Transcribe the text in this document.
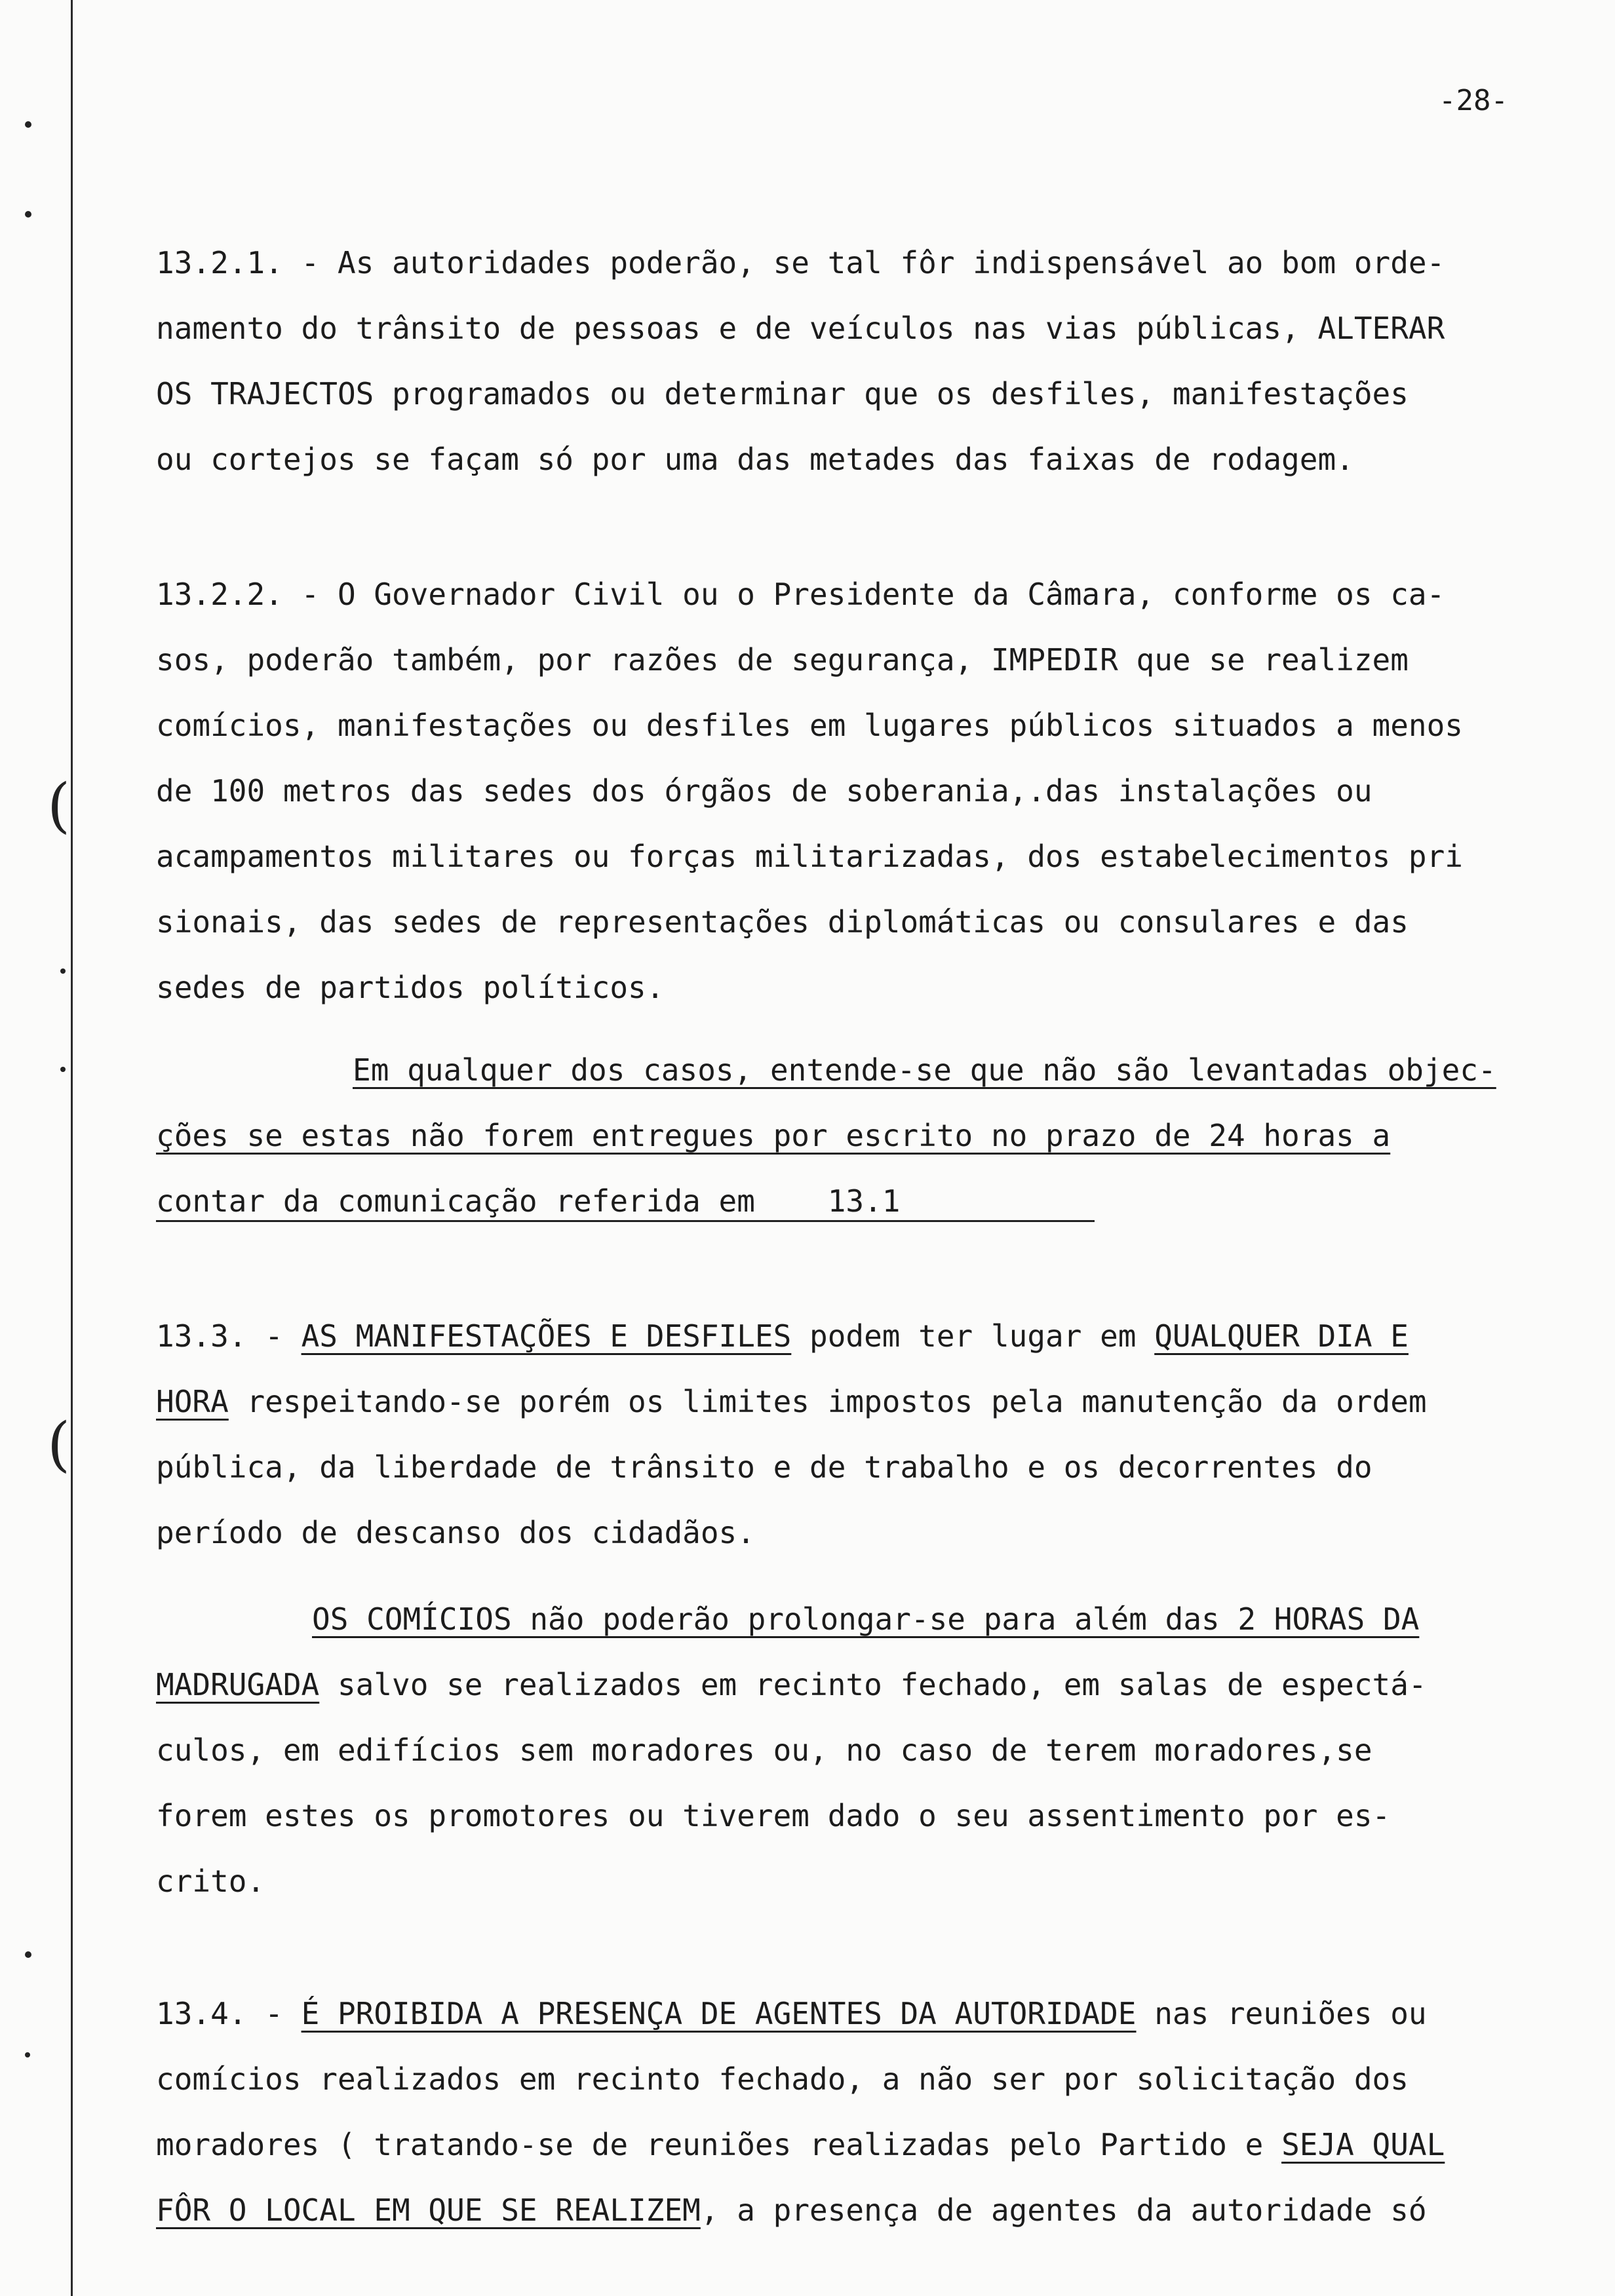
(
(
-28-
13.2.1. - As autoridades poderão, se tal fôr indispensável ao bom orde-
namento do trânsito de pessoas e de veículos nas vias públicas, ALTERAR
OS TRAJECTOS programados ou determinar que os desfiles, manifestações
ou cortejos se façam só por uma das metades das faixas de rodagem.
13.2.2. - O Governador Civil ou o Presidente da Câmara, conforme os ca-
sos, poderão também, por razões de segurança, IMPEDIR que se realizem
comícios, manifestações ou desfiles em lugares públicos situados a menos
de 100 metros das sedes dos órgãos de soberania,.das instalações ou
acampamentos militares ou forças militarizadas, dos estabelecimentos pri
sionais, das sedes de representações diplomáticas ou consulares e das
sedes de partidos políticos.
Em qualquer dos casos, entende-se que não são levantadas objec-
ções se estas não forem entregues por escrito no prazo de 24 horas a
contar da comunicação referida em    13.1
13.3. - AS MANIFESTAÇÕES E DESFILES podem ter lugar em QUALQUER DIA E
HORA respeitando-se porém os limites impostos pela manutenção da ordem
pública, da liberdade de trânsito e de trabalho e os decorrentes do
período de descanso dos cidadãos.
OS COMÍCIOS não poderão prolongar-se para além das 2 HORAS DA
MADRUGADA salvo se realizados em recinto fechado, em salas de espectá-
culos, em edifícios sem moradores ou, no caso de terem moradores,se
forem estes os promotores ou tiverem dado o seu assentimento por es-
crito.
13.4. - É PROIBIDA A PRESENÇA DE AGENTES DA AUTORIDADE nas reuniões ou
comícios realizados em recinto fechado, a não ser por solicitação dos
moradores ( tratando-se de reuniões realizadas pelo Partido e SEJA QUAL
FÔR O LOCAL EM QUE SE REALIZEM, a presença de agentes da autoridade só
